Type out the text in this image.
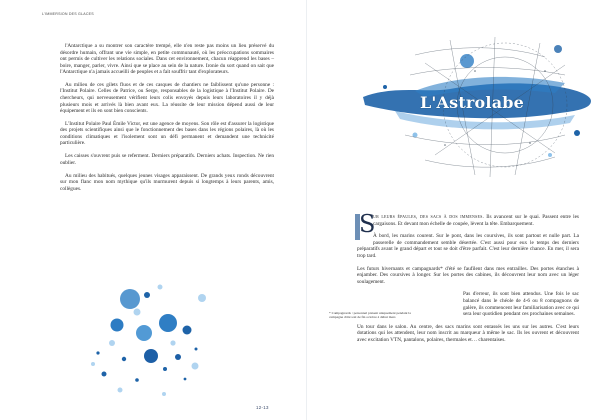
L'IMMERSION DES GLACES

l'Antarctique a su montrer son caractère trempé, elle n'en reste pas moins un lieu préservé du désordre humain, offrant une vie simple, en petite communauté, où les préoccupations sommaires ont permis de cultiver les relations sociales. Dans cet environnement, chacun réapprend les bases – boire, manger, parler, vivre. Ainsi que se place au sein de la nature. Ironie du sort quand on sait que l'Antarctique n'a jamais accueilli de peuples et a fait souffrir tant d'explorateurs.

Au milieu de ces gilets fluos et de ces casques de chantiers ne faiblissent qu'une personne : l'Institut Polaire. Celles de Patrice, ou Serge, responsables de la logistique à l'Institut Polaire. De chercheurs, qui nerveusement vérifient leurs colis envoyés depuis leurs laboratoires il y déjà plusieurs mois et arrivés là bien avant eux. La réussite de leur mission dépend aussi de leur équipement et ils en sont bien conscients.

L'Institut Polaire Paul Émile Victor, est une agence de moyens. Son rôle est d'assurer la logistique des projets scientifiques ainsi que le fonctionnement des bases dans les régions polaires, là où les conditions climatiques et l'isolement sont un défi permanent et demandent une technicité particulière.

Les caisses s'ouvrent puis se referment. Derniers préparatifs. Derniers achats. Inspection. Ne rien oublier.

Au milieu des habitués, quelques jeunes visages apparaissent. De grands yeux ronds découvrent sur mon flanc mon nom mythique qu'ils murmurent depuis si longtemps à leurs parents, amis, collègues.

12-13
L'Astrolabe

S
ur leurs épaules, des sacs à dos immenses. Ils avancent sur le quai. Passent entre les cargaisons. Et devant mon échelle de coupée, lèvent la tête. Embarquement.

À bord, les marins courent. Sur le pont, dans les coursives, ils sont partout et nulle part. La passerelle de commandement semble désertée. C'est aussi pour eux le temps des derniers préparatifs avant le grand départ et tout se doit d'être parfait. C'est leur dernière chance. En mer, il sera trop tard.

Les futurs hivernants et campagnards* d'été se faufilent dans mes entrailles. Des portes étanches à enjamber. Des coursives à longer. Sur les portes des cabines, ils découvrent leur nom avec un léger soulagement.

Pas d'erreur, ils sont bien attendus. Une fois le sac balancé dans le chéole de 4-6 ou 8 compagnons de galère, ils commencent leur familiarisation avec ce qui sera leur quotidien pendant ces prochaines semaines.

Un tour dans le salon. Au centre, des sacs marins sont entassés les uns sur les autres. C'est leurs dotations qui les attendent, leur nom inscrit au marqueur à même le sac. Ils les ouvrent et découvrent avec excitation VTN, pantalons, polaires, thermales et… charentaises.

* Campagnards : personnel présent uniquement pendant la campagne d'été soit de fin octobre à début mars
